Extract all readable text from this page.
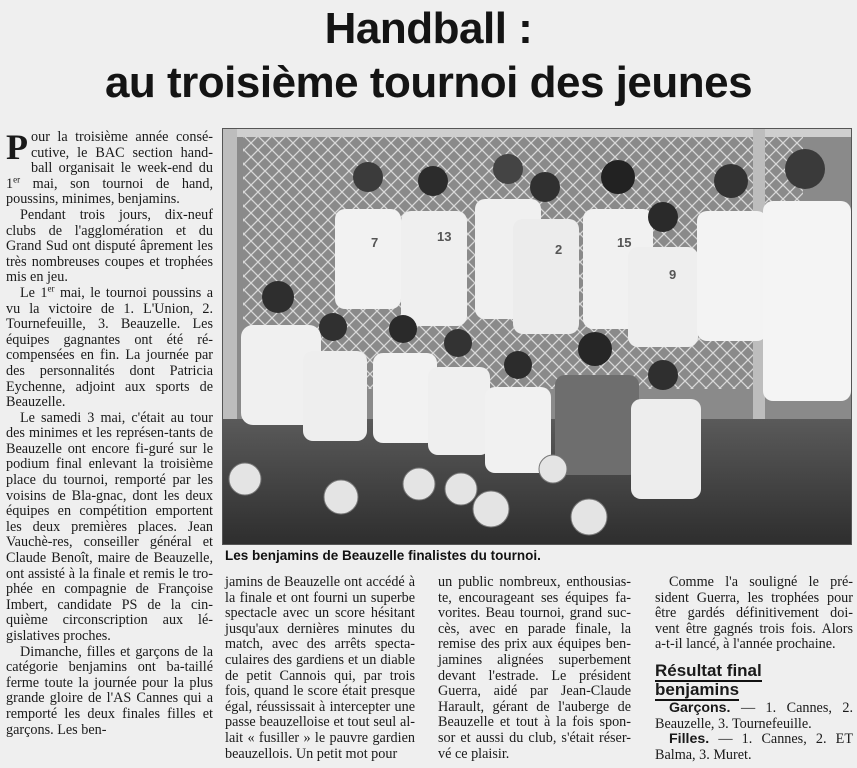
Handball :
au troisième tournoi des jeunes

Pour la troisième année consé-cutive, le BAC section hand-ball organisait le week-end du 1er mai, son tournoi de hand, poussins, minimes, benjamins.

Pendant trois jours, dix-neuf clubs de l'agglomération et du Grand Sud ont disputé âprement les très nombreuses coupes et trophées mis en jeu.

Le 1er mai, le tournoi poussins a vu la victoire de 1. L'Union, 2. Tournefeuille, 3. Beauzelle. Les équipes gagnantes ont été ré-compensées en fin. La journée par des personnalités dont Patricia Eychenne, adjoint aux sports de Beauzelle.

Le samedi 3 mai, c'était au tour des minimes et les représen-tants de Beauzelle ont encore fi-guré sur le podium final enlevant la troisième place du tournoi, remporté par les voisins de Bla-gnac, dont les deux équipes en compétition emportent les deux premières places. Jean Vauchè-res, conseiller général et Claude Benoît, maire de Beauzelle, ont assisté à la finale et remis le tro-phée en compagnie de Françoise Imbert, candidate PS de la cin-quième circonscription aux lé-gislatives proches.

Dimanche, filles et garçons de la catégorie benjamins ont ba-taillé ferme toute la journée pour la plus grande gloire de l'AS Cannes qui a remporté les deux finales filles et garçons. Les ben-

7	13
2	15
9
Les benjamins de Beauzelle finalistes du tournoi.

jamins de Beauzelle ont accédé à la finale et ont fourni un superbe spectacle avec un score hésitant jusqu'aux dernières minutes du match, avec des arrêts specta-culaires des gardiens et un diable de petit Cannois qui, par trois fois, quand le score était presque égal, réussissait à intercepter une passe beauzelloise et tout seul al-lait « fusiller » le pauvre gardien beauzellois. Un petit mot pour

un public nombreux, enthousias-te, encourageant ses équipes fa-vorites. Beau tournoi, grand suc-cès, avec en parade finale, la remise des prix aux équipes ben-jamines alignées superbement devant l'estrade. Le président Guerra, aidé par Jean-Claude Harault, gérant de l'auberge de Beauzelle et tout à la fois spon-sor et aussi du club, s'était réser-vé ce plaisir.

Comme l'a souligné le pré-sident Guerra, les trophées pour être gardés définitivement doi-vent être gagnés trois fois. Alors a-t-il lancé, à l'année prochaine.

Résultat final
benjamins

Garçons. — 1. Cannes, 2. Beauzelle, 3. Tournefeuille.

Filles. — 1. Cannes, 2. ET Balma, 3. Muret.
